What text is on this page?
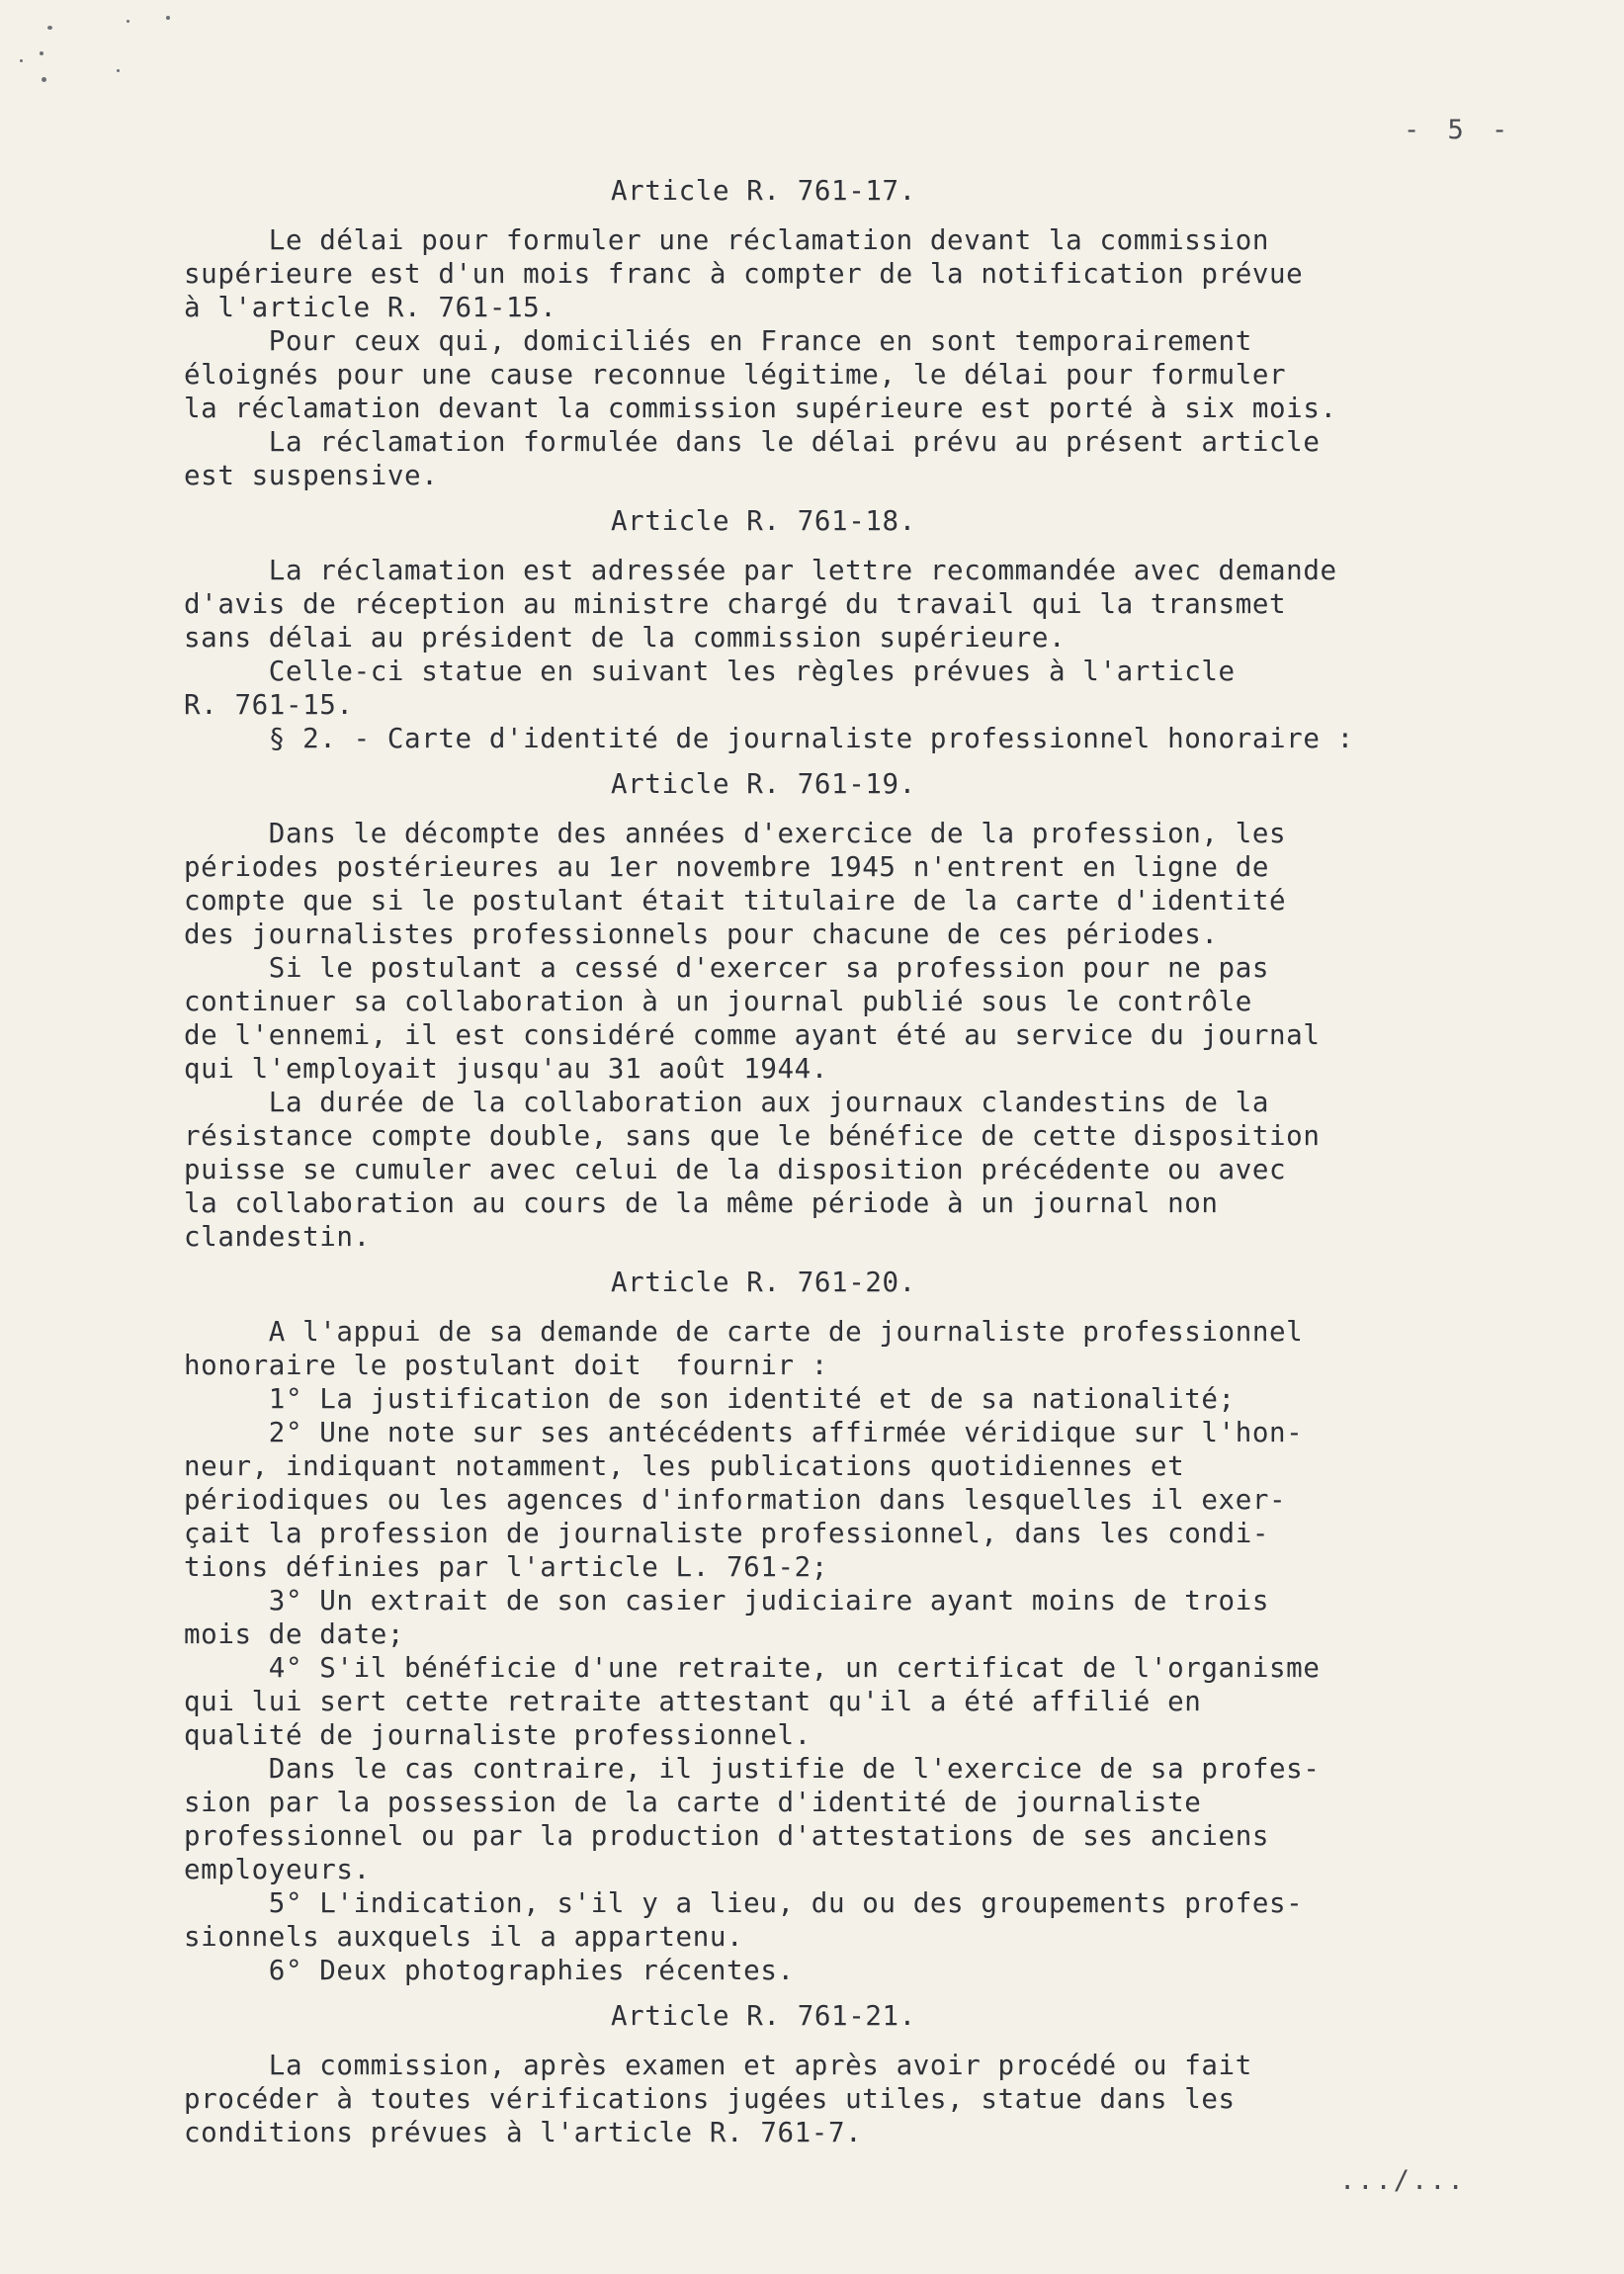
- 5 -
Article R. 761-17.
Le délai pour formuler une réclamation devant la commission
supérieure est d'un mois franc à compter de la notification prévue
à l'article R. 761-15.
Pour ceux qui, domiciliés en France en sont temporairement
éloignés pour une cause reconnue légitime, le délai pour formuler
la réclamation devant la commission supérieure est porté à six mois.
La réclamation formulée dans le délai prévu au présent article
est suspensive.
Article R. 761-18.
La réclamation est adressée par lettre recommandée avec demande
d'avis de réception au ministre chargé du travail qui la transmet
sans délai au président de la commission supérieure.
Celle-ci statue en suivant les règles prévues à l'article
R. 761-15.
§ 2. - Carte d'identité de journaliste professionnel honoraire :
Article R. 761-19.
Dans le décompte des années d'exercice de la profession, les
périodes postérieures au 1er novembre 1945 n'entrent en ligne de
compte que si le postulant était titulaire de la carte d'identité
des journalistes professionnels pour chacune de ces périodes.
Si le postulant a cessé d'exercer sa profession pour ne pas
continuer sa collaboration à un journal publié sous le contrôle
de l'ennemi, il est considéré comme ayant été au service du journal
qui l'employait jusqu'au 31 août 1944.
La durée de la collaboration aux journaux clandestins de la
résistance compte double, sans que le bénéfice de cette disposition
puisse se cumuler avec celui de la disposition précédente ou avec
la collaboration au cours de la même période à un journal non
clandestin.
Article R. 761-20.
A l'appui de sa demande de carte de journaliste professionnel
honoraire le postulant doit  fournir :
1° La justification de son identité et de sa nationalité;
2° Une note sur ses antécédents affirmée véridique sur l'hon-
neur, indiquant notamment, les publications quotidiennes et
périodiques ou les agences d'information dans lesquelles il exer-
çait la profession de journaliste professionnel, dans les condi-
tions définies par l'article L. 761-2;
3° Un extrait de son casier judiciaire ayant moins de trois
mois de date;
4° S'il bénéficie d'une retraite, un certificat de l'organisme
qui lui sert cette retraite attestant qu'il a été affilié en
qualité de journaliste professionnel.
Dans le cas contraire, il justifie de l'exercice de sa profes-
sion par la possession de la carte d'identité de journaliste
professionnel ou par la production d'attestations de ses anciens
employeurs.
5° L'indication, s'il y a lieu, du ou des groupements profes-
sionnels auxquels il a appartenu.
6° Deux photographies récentes.
Article R. 761-21.
La commission, après examen et après avoir procédé ou fait
procéder à toutes vérifications jugées utiles, statue dans les
conditions prévues à l'article R. 761-7.
.../...
